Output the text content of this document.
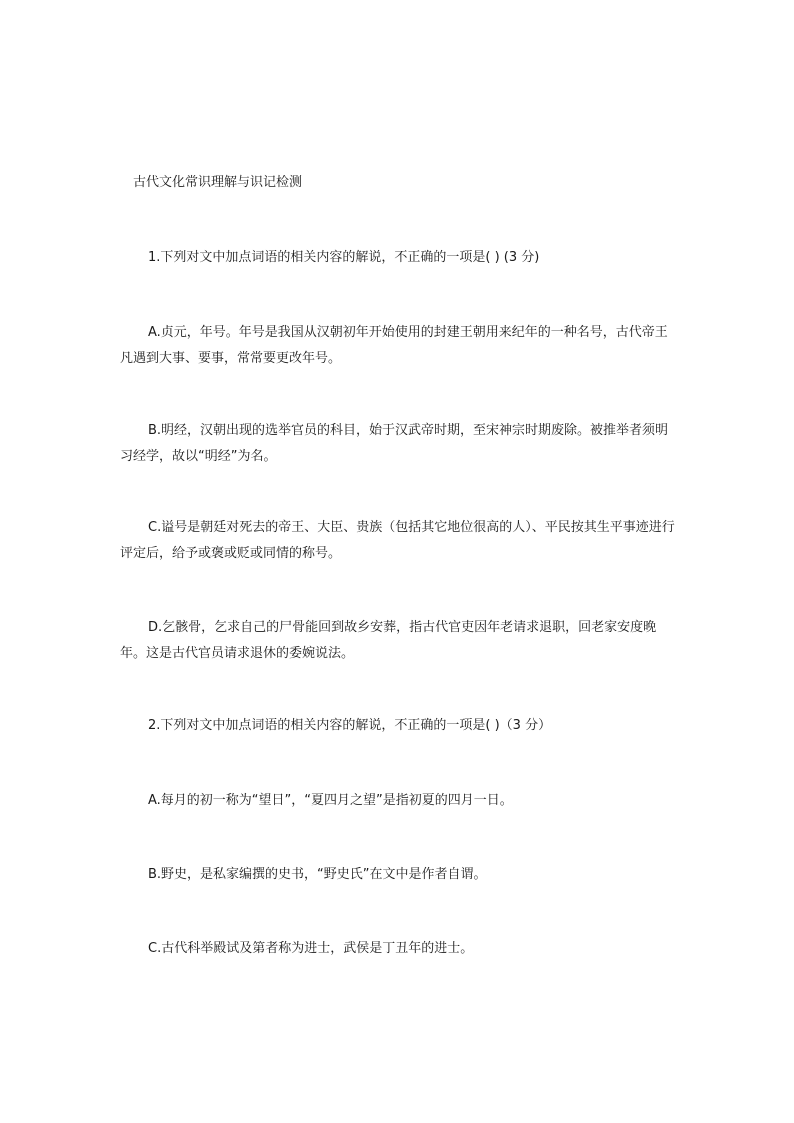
古代文化常识理解与识记检测
1.下列对文中加点词语的相关内容的解说，不正确的一项是( ) (3 分)
A.贞元，年号。年号是我国从汉朝初年开始使用的封建王朝用来纪年的一种名号，古代帝王凡遇到大事、要事，常常要更改年号。
B.明经，汉朝出现的选举官员的科目，始于汉武帝时期，至宋神宗时期废除。被推举者须明习经学，故以“明经”为名。
C.谥号是朝廷对死去的帝王、大臣、贵族（包括其它地位很高的人）、平民按其生平事迹进行评定后，给予或褒或贬或同情的称号。
D.乞骸骨，乞求自己的尸骨能回到故乡安葬，指古代官吏因年老请求退职，回老家安度晚年。这是古代官员请求退休的委婉说法。
2.下列对文中加点词语的相关内容的解说，不正确的一项是( )（3 分）
A.每月的初一称为“望日”，“夏四月之望”是指初夏的四月一日。
B.野史，是私家编撰的史书，“野史氏”在文中是作者自谓。
C.古代科举殿试及第者称为进士，武侯是丁丑年的进士。
